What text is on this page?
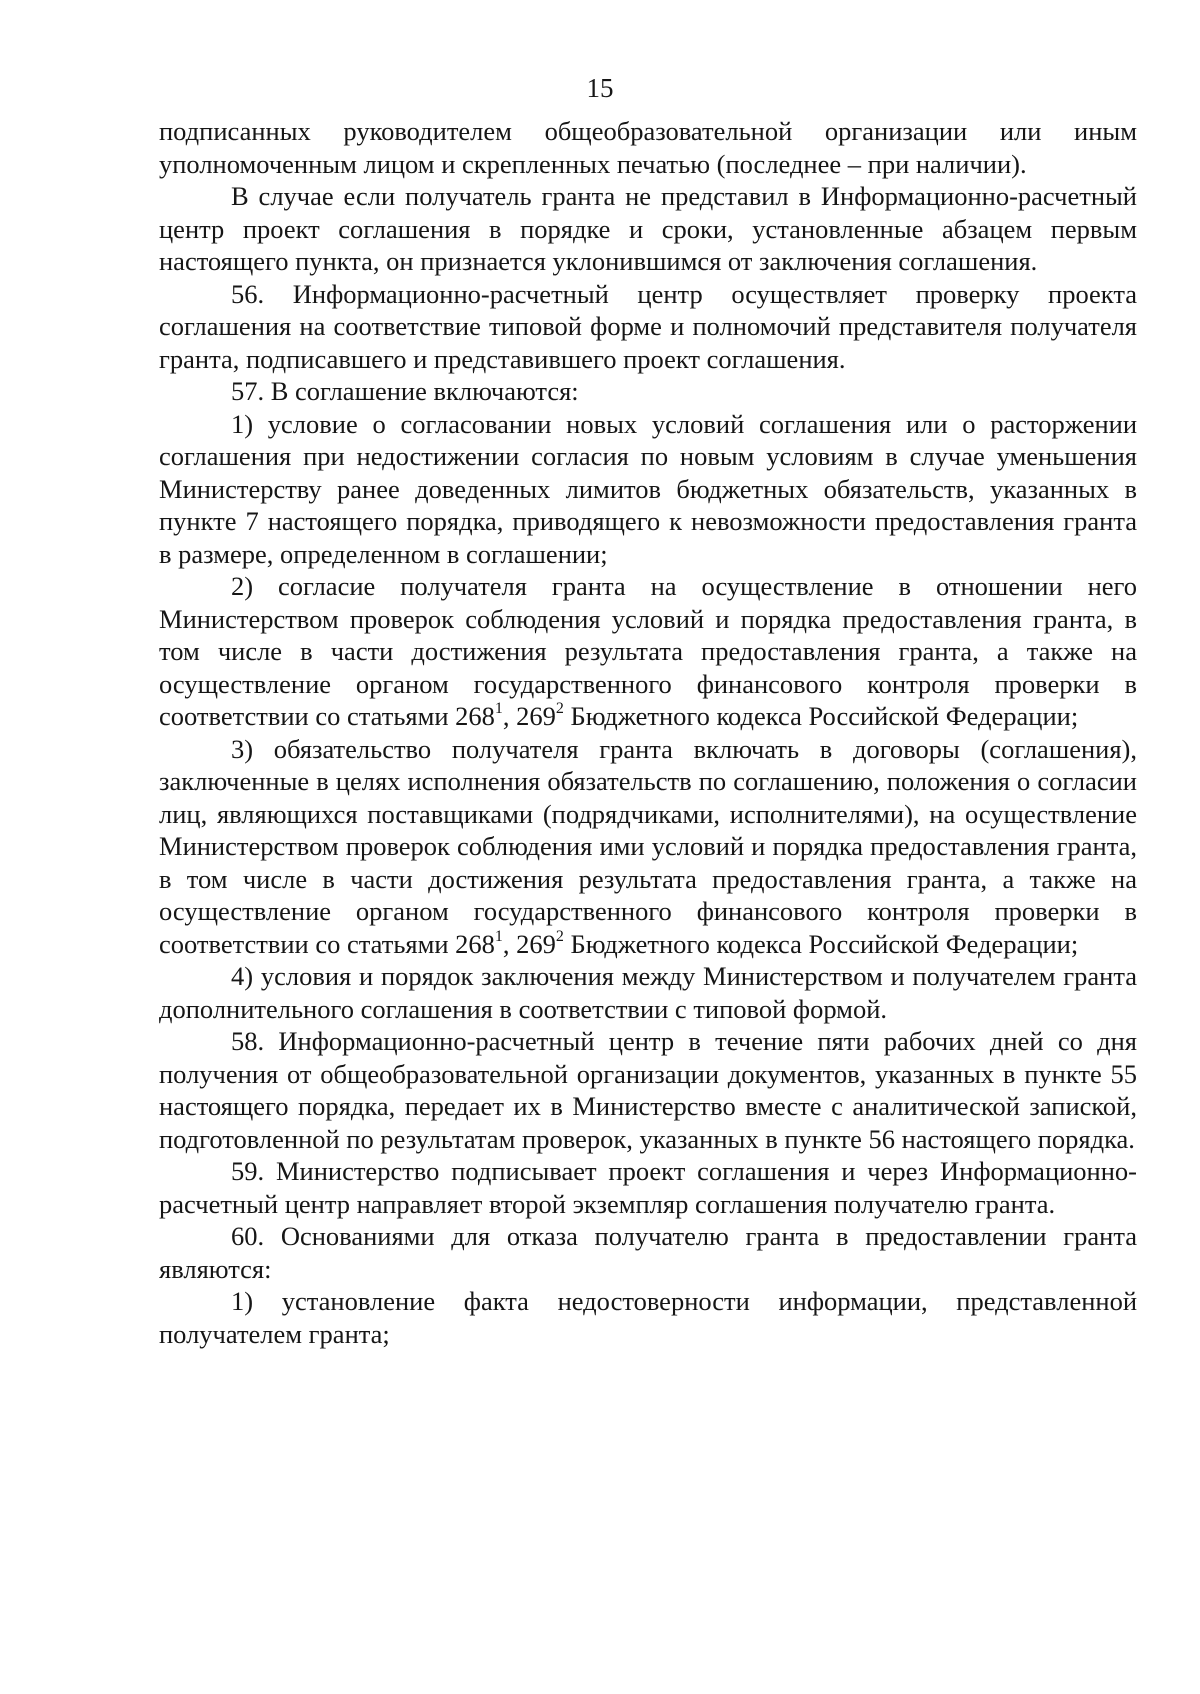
15

подписанных руководителем общеобразовательной организации или иным уполномоченным лицом и скрепленных печатью (последнее – при наличии).

В случае если получатель гранта не представил в Информационно-расчетный центр проект соглашения в порядке и сроки, установленные абзацем первым настоящего пункта, он признается уклонившимся от заключения соглашения.

56. Информационно-расчетный центр осуществляет проверку проекта соглашения на соответствие типовой форме и полномочий представителя получателя гранта, подписавшего и представившего проект соглашения.

57. В соглашение включаются:

1) условие о согласовании новых условий соглашения или о расторжении соглашения при недостижении согласия по новым условиям в случае уменьшения Министерству ранее доведенных лимитов бюджетных обязательств, указанных в пункте 7 настоящего порядка, приводящего к невозможности предоставления гранта в размере, определенном в соглашении;

2) согласие получателя гранта на осуществление в отношении него Министерством проверок соблюдения условий и порядка предоставления гранта, в том числе в части достижения результата предоставления гранта, а также на осуществление органом государственного финансового контроля проверки в соответствии со статьями $268^1$, $269^2$ Бюджетного кодекса Российской Федерации;

3) обязательство получателя гранта включать в договоры (соглашения), заключенные в целях исполнения обязательств по соглашению, положения о согласии лиц, являющихся поставщиками (подрядчиками, исполнителями), на осуществление Министерством проверок соблюдения ими условий и порядка предоставления гранта, в том числе в части достижения результата предоставления гранта, а также на осуществление органом государственного финансового контроля проверки в соответствии со статьями $268^1$, $269^2$ Бюджетного кодекса Российской Федерации;

4) условия и порядок заключения между Министерством и получателем гранта дополнительного соглашения в соответствии с типовой формой.

58. Информационно-расчетный центр в течение пяти рабочих дней со дня получения от общеобразовательной организации документов, указанных в пункте 55 настоящего порядка, передает их в Министерство вместе с аналитической запиской, подготовленной по результатам проверок, указанных в пункте 56 настоящего порядка.

59. Министерство подписывает проект соглашения и через Информационно-расчетный центр направляет второй экземпляр соглашения получателю гранта.

60. Основаниями для отказа получателю гранта в предоставлении гранта являются:

1) установление факта недостоверности информации, представленной получателем гранта;
